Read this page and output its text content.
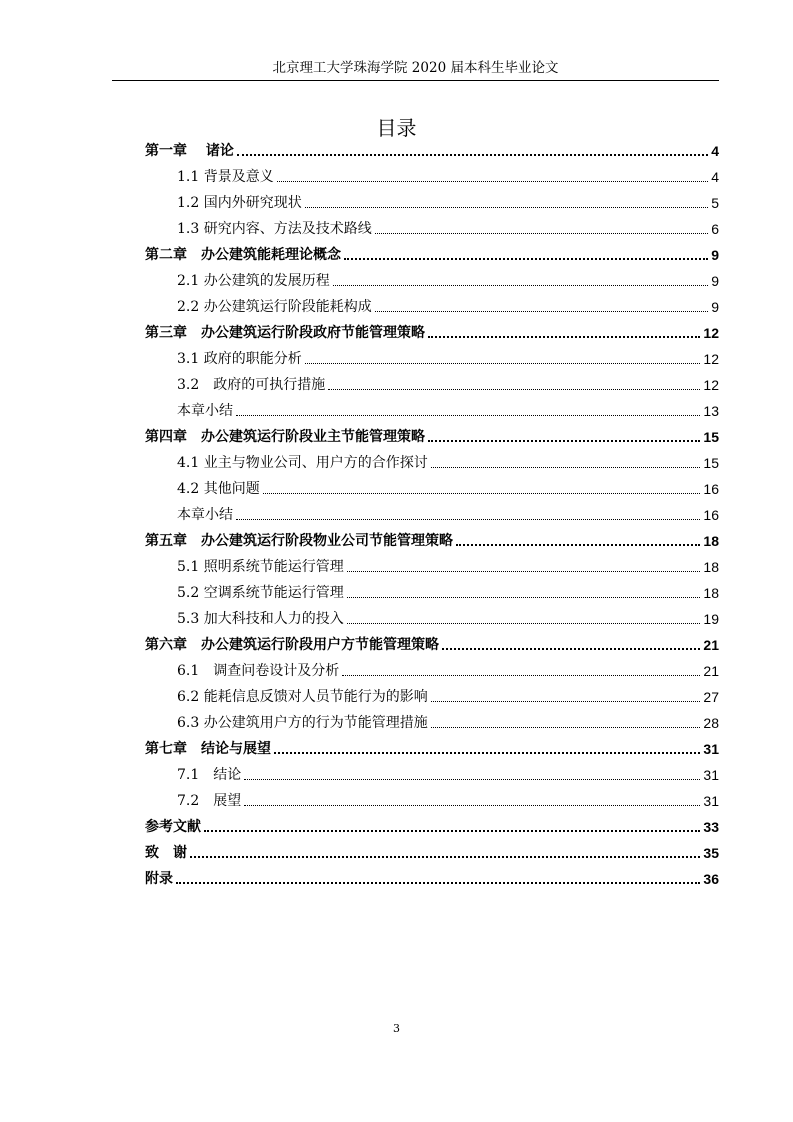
北京理工大学珠海学院 2020 届本科生毕业论文
目录
第一章　 诸论	4
1.1 背景及意义	4
1.2 国内外研究现状	5
1.3 研究内容、方法及技术路线	6
第二章　办公建筑能耗理论概念	9
2.1 办公建筑的发展历程	9
2.2 办公建筑运行阶段能耗构成	9
第三章　办公建筑运行阶段政府节能管理策略	12
3.1 政府的职能分析	12
3.2　政府的可执行措施	12
本章小结	13
第四章　办公建筑运行阶段业主节能管理策略	15
4.1 业主与物业公司、用户方的合作探讨	15
4.2 其他问题	16
本章小结	16
第五章　办公建筑运行阶段物业公司节能管理策略	18
5.1 照明系统节能运行管理	18
5.2 空调系统节能运行管理	18
5.3 加大科技和人力的投入	19
第六章　办公建筑运行阶段用户方节能管理策略	21
6.1　调查问卷设计及分析	21
6.2 能耗信息反馈对人员节能行为的影响	27
6.3 办公建筑用户方的行为节能管理措施	28
第七章　结论与展望	31
7.1　结论	31
7.2　展望	31
参考文献	33
致　谢	35
附录	36
3
